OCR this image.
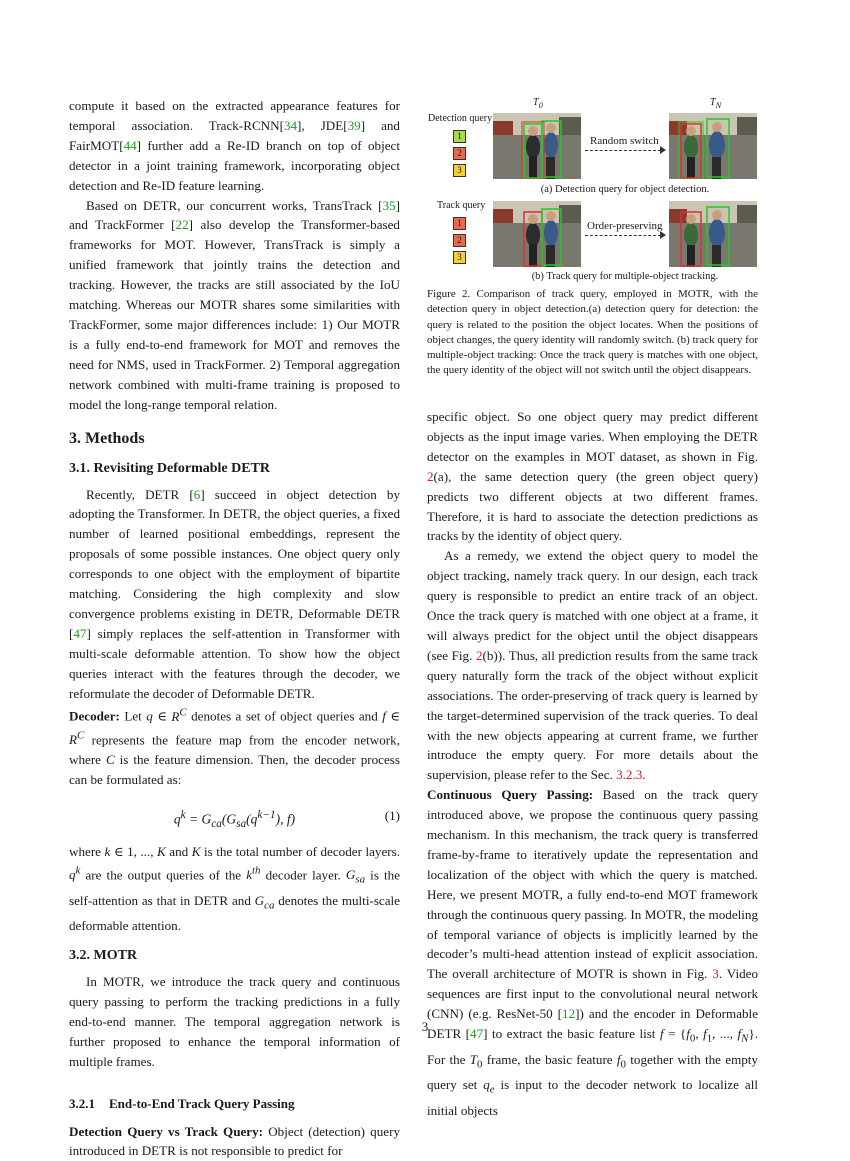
compute it based on the extracted appearance features for temporal association. Track-RCNN[34], JDE[39] and FairMOT[44] further add a Re-ID branch on top of object detector in a joint training framework, incorporating object detection and Re-ID feature learning.

Based on DETR, our concurrent works, TransTrack [35] and TrackFormer [22] also develop the Transformer-based frameworks for MOT. However, TransTrack is simply a unified framework that jointly trains the detection and tracking. However, the tracks are still associated by the IoU matching. Whereas our MOTR shares some similarities with TrackFormer, some major differences include: 1) Our MOTR is a fully end-to-end framework for MOT and removes the need for NMS, used in TrackFormer. 2) Temporal aggregation network combined with multi-frame training is proposed to model the long-range temporal relation.

3. Methods
3.1. Revisiting Deformable DETR

Recently, DETR [6] succeed in object detection by adopting the Transformer. In DETR, the object queries, a fixed number of learned positional embeddings, represent the proposals of some possible instances. One object query only corresponds to one object with the employment of bipartite matching. Considering the high complexity and slow convergence problems existing in DETR, Deformable DETR [47] simply replaces the self-attention in Transformer with multi-scale deformable attention. To show how the object queries interact with the features through the decoder, we reformulate the decoder of Deformable DETR.

Decoder: Let q ∈ $R^C$ denotes a set of object queries and f ∈ $R^C$ represents the feature map from the encoder network, where C is the feature dimension. Then, the decoder process can be formulated as:

$q^k = G_{ca}(G_{sa}(q^{k-1})$, f)	(1)

where k ∈ 1, ..., K and K is the total number of decoder layers. $q^k$ are the output queries of the $k^{th}$ decoder layer. $G_{sa}$ is the self-attention as that in DETR and $G_{ca}$ denotes the multi-scale deformable attention.

3.2. MOTR

In MOTR, we introduce the track query and continuous query passing to perform the tracking predictions in a fully end-to-end manner. The temporal aggregation network is further proposed to enhance the temporal information of multiple frames.

3.2.1 End-to-End Track Query Passing

Detection Query vs Track Query: Object (detection) query introduced in DETR is not responsible to predict for

$T_0$	$T_N$
Detection query
1
2
3
Random switch
(a) Detection query for object detection.
Track query
1
2
3
Order-preserving
(b) Track query for multiple-object tracking.
Figure 2. Comparison of track query, employed in MOTR, with the detection query in object detection.(a) detection query for detection: the query is related to the position the object locates. When the positions of object changes, the query identity will randomly switch. (b) track query for multiple-object tracking: Once the track query is matches with one object, the query identity of the object will not switch until the object disappears.

specific object. So one object query may predict different objects as the input image varies. When employing the DETR detector on the examples in MOT dataset, as shown in Fig. 2(a), the same detection query (the green object query) predicts two different objects at two different frames. Therefore, it is hard to associate the detection predictions as tracks by the identity of object query.

As a remedy, we extend the object query to model the object tracking, namely track query. In our design, each track query is responsible to predict an entire track of an object. Once the track query is matched with one object at a frame, it will always predict for the object until the object disappears (see Fig. 2(b)). Thus, all prediction results from the same track query naturally form the track of the object without explicit associations. The order-preserving of track query is learned by the target-determined supervision of the track queries. To deal with the new objects appearing at current frame, we further introduce the empty query. For more details about the supervision, please refer to the Sec. 3.2.3.

Continuous Query Passing: Based on the track query introduced above, we propose the continuous query passing mechanism. In this mechanism, the track query is transferred frame-by-frame to iteratively update the representation and localization of the object with which the query is matched. Here, we present MOTR, a fully end-to-end MOT framework through the continuous query passing. In MOTR, the modeling of temporal variance of objects is implicitly learned by the decoder’s multi-head attention instead of explicit association. The overall architecture of MOTR is shown in Fig. 3. Video sequences are first input to the convolutional neural network (CNN) (e.g. ResNet-50 [12]) and the encoder in Deformable DETR [47] to extract the basic feature list $f = \{f_0$, $f_1$, ..., $f_N$}. For the $T_0$ frame, the basic feature $f_0$ together with the empty query set $q_e$ is input to the decoder network to localize all initial objects

3
